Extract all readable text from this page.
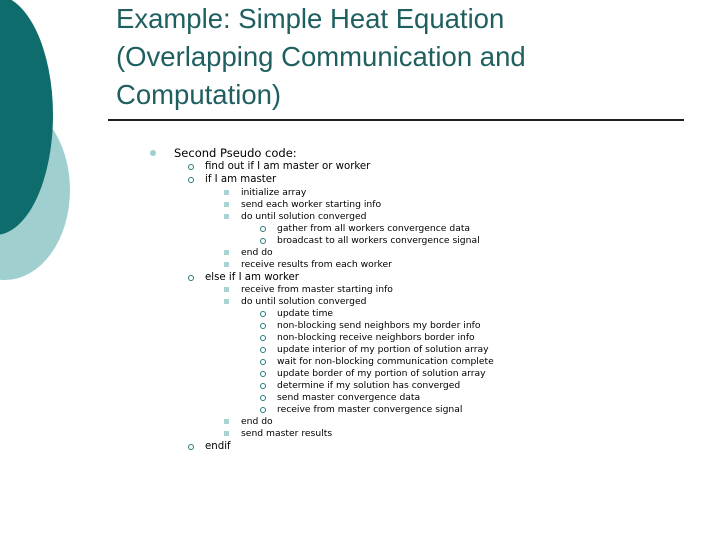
Example: Simple Heat Equation
(Overlapping Communication and
Computation)
Second Pseudo code:
find out if I am master or worker
if I am master
initialize array
send each worker starting info
do until solution converged
gather from all workers convergence data
broadcast to all workers convergence signal
end do
receive results from each worker
else if I am worker
receive from master starting info
do until solution converged
update time
non-blocking send neighbors my border info
non-blocking receive neighbors border info
update interior of my portion of solution array
wait for non-blocking communication complete
update border of my portion of solution array
determine if my solution has converged
send master convergence data
receive from master convergence signal
end do
send master results
endif
